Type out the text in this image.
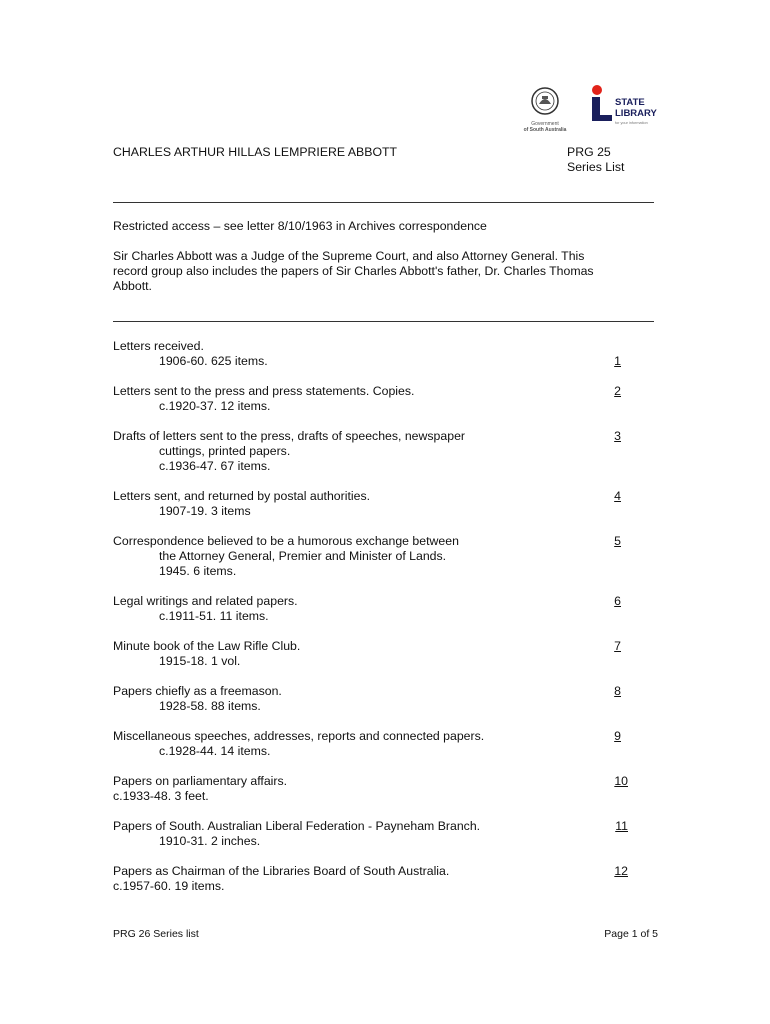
Government
of South Australia
STATE
LIBRARY
for your information
CHARLES ARTHUR HILLAS LEMPRIERE ABBOTT	PRG 25
Series List
Restricted access – see letter 8/10/1963 in Archives correspondence
Sir Charles Abbott was a Judge of the Supreme Court, and also Attorney General. This
record group also includes the papers of Sir Charles Abbott's father, Dr. Charles Thomas
Abbott.
Letters received.
1906-60. 625 items.	1
Letters sent to the press and press statements. Copies.
c.1920-37. 12 items.
2
Drafts of letters sent to the press, drafts of speeches, newspaper
cuttings, printed papers.
c.1936-47. 67 items.
3
Letters sent, and returned by postal authorities.
1907-19. 3 items
4
Correspondence believed to be a humorous exchange between
the Attorney General, Premier and Minister of Lands.
1945. 6 items.
5
Legal writings and related papers.
c.1911-51. 11 items.
6
Minute book of the Law Rifle Club.
1915-18. 1 vol.
7
Papers chiefly as a freemason.
1928-58. 88 items.
8
Miscellaneous speeches, addresses, reports and connected papers.
c.1928-44. 14 items.
9
Papers on parliamentary affairs.
c.1933-48. 3 feet.
10
Papers of South. Australian Liberal Federation - Payneham Branch.
1910-31. 2 inches.
11
Papers as Chairman of the Libraries Board of South Australia.
c.1957-60. 19 items.
12
PRG 26 Series list	Page 1 of 5
